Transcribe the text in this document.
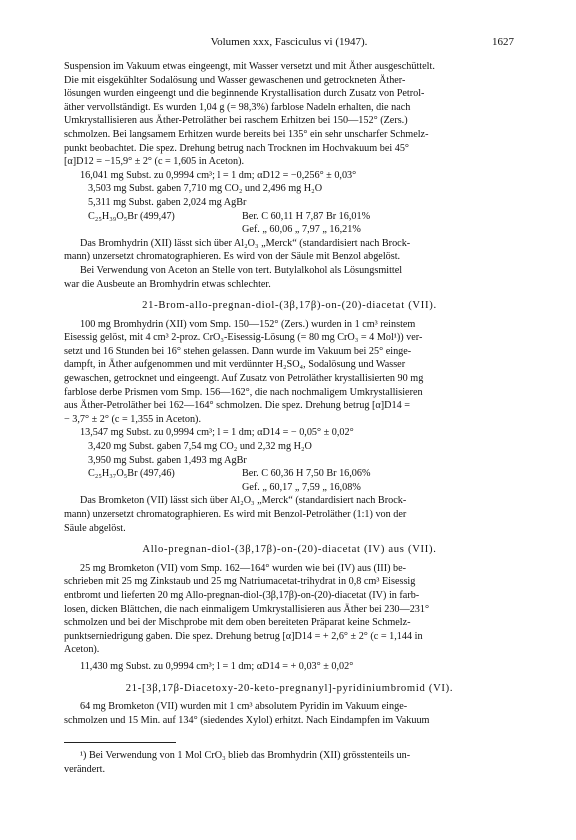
Volumen xxx, Fasciculus vi (1947).	1627

Suspension im Vakuum etwas eingeengt, mit Wasser versetzt und mit Äther ausgeschüttelt.

Die mit eisgekühlter Sodalösung und Wasser gewaschenen und getrockneten Äther-

lösungen wurden eingeengt und die beginnende Krystallisation durch Zusatz von Petrol-

äther vervollständigt. Es wurden 1,04 g (= 98,3%) farblose Nadeln erhalten, die nach

Umkrystallisieren aus Äther-Petroläther bei raschem Erhitzen bei 150—152° (Zers.)

schmolzen. Bei langsamem Erhitzen wurde bereits bei 135° ein sehr unscharfer Schmelz-

punkt beobachtet. Die spez. Drehung betrug nach Trocknen im Hochvakuum bei 45°

[α]D12 = −15,9° ± 2° (c = 1,605 in Aceton).

16,041 mg Subst. zu 0,9994 cm³; l = 1 dm; αD12 = −0,256° ± 0,03°

3,503 mg Subst. gaben 7,710 mg CO₂ und 2,496 mg H₂O

5,311 mg Subst. gaben 2,024 mg AgBr

C₂₅H₃₉O₅Br (499,47)	Ber. C 60,11 H 7,87 Br 16,01%
Gef. „ 60,06 „ 7,97 „ 16,21%

Das Bromhydrin (XII) lässt sich über Al₂O₃ „Merck“ (standardisiert nach Brock-

mann) unzersetzt chromatographieren. Es wird von der Säule mit Benzol abgelöst.

Bei Verwendung von Aceton an Stelle von tert. Butylalkohol als Lösungsmittel

war die Ausbeute an Bromhydrin etwas schlechter.

21-Brom-allo-pregnan-diol-(3β,17β)-on-(20)-diacetat (VII).

100 mg Bromhydrin (XII) vom Smp. 150—152° (Zers.) wurden in 1 cm³ reinstem

Eisessig gelöst, mit 4 cm³ 2-proz. CrO₃-Eisessig-Lösung (= 80 mg CrO₃ = 4 Mol¹)) ver-

setzt und 16 Stunden bei 16° stehen gelassen. Dann wurde im Vakuum bei 25° einge-

dampft, in Äther aufgenommen und mit verdünnter H₂SO₄, Sodalösung und Wasser

gewaschen, getrocknet und eingeengt. Auf Zusatz von Petroläther krystallisierten 90 mg

farblose derbe Prismen vom Smp. 156—162°, die nach nochmaligem Umkrystallisieren

aus Äther-Petroläther bei 162—164° schmolzen. Die spez. Drehung betrug [α]D14 =

− 3,7° ± 2° (c = 1,355 in Aceton).

13,547 mg Subst. zu 0,9994 cm³; l = 1 dm; αD14 = − 0,05° ± 0,02°

3,420 mg Subst. gaben 7,54 mg CO₂ und 2,32 mg H₂O

3,950 mg Subst. gaben 1,493 mg AgBr

C₂₅H₃₇O₅Br (497,46)	Ber. C 60,36 H 7,50 Br 16,06%
Gef. „ 60,17 „ 7,59 „ 16,08%

Das Bromketon (VII) lässt sich über Al₂O₃ „Merck“ (standardisiert nach Brock-

mann) unzersetzt chromatographieren. Es wird mit Benzol-Petroläther (1:1) von der

Säule abgelöst.

Allo-pregnan-diol-(3β,17β)-on-(20)-diacetat (IV) aus (VII).

25 mg Bromketon (VII) vom Smp. 162—164° wurden wie bei (IV) aus (III) be-

schrieben mit 25 mg Zinkstaub und 25 mg Natriumacetat-trihydrat in 0,8 cm³ Eisessig

entbromt und lieferten 20 mg Allo-pregnan-diol-(3β,17β)-on-(20)-diacetat (IV) in farb-

losen, dicken Blättchen, die nach einmaligem Umkrystallisieren aus Äther bei 230—231°

schmolzen und bei der Mischprobe mit dem oben bereiteten Präparat keine Schmelz-

punktserniedrigung gaben. Die spez. Drehung betrug [α]D14 = + 2,6° ± 2° (c = 1,144 in

Aceton).

11,430 mg Subst. zu 0,9994 cm³; l = 1 dm; αD14 = + 0,03° ± 0,02°

21-[3β,17β-Diacetoxy-20-keto-pregnanyl]-pyridiniumbromid (VI).

64 mg Bromketon (VII) wurden mit 1 cm³ absolutem Pyridin im Vakuum einge-

schmolzen und 15 Min. auf 134° (siedendes Xylol) erhitzt. Nach Eindampfen im Vakuum

¹) Bei Verwendung von 1 Mol CrO₃ blieb das Bromhydrin (XII) grösstenteils un-

verändert.
